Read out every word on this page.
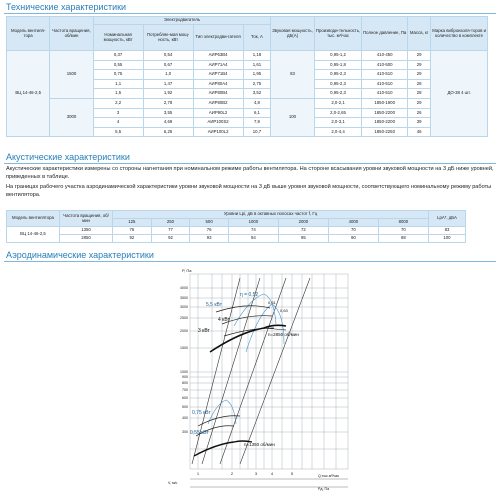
Технические характеристики
Модель вентиля-тора	Частота вращения, об/мин	Электродвигатель				Звуковая мощность, дБ(А)	Производи-тельность, тыс. м³/час	Полное давление, Па	Масса, кг	Марка виброизоля-торов и количество в комплекте
		Номинальная мощность, кВт	Потребляе-мая мощ-ность, кВт	Тип электродви-гателя	Ток, А					
ВЦ 14-46-2,5	1500	0,37	0,54	АИР63В4	1,18	83	0,95-1,2	410-450	29	ДО-38 4 шт.
		0,55	0,67	АИР71А4	1,61		0,95-1,8	410-500	29	
		0,75	1,0	АИР71В4	1,95		0,95-2,3	410-510	29	
		1,1	1,47	АИР80А4	2,75		0,95-2,3	410-510	28	
		1,5	1,92	АИР80В4	3,52		0,95-2,3	410-510	28	
	3000	2,2	2,78	АИР80В2	4,8	100	2,0-2,1	1850-1900	29	
		3	3,55	АИР90L2	6,1		2,0-2,65	1850-2200	26	
		4	4,69	АИР100S2	7,9		2,0-3,1	1850-2200	39	
		5,5	6,25	АИР100L2	10,7		2,0-4,4	1850-2250	46	
Акустические характеристики

Акустические характеристики измерены со стороны нагнетания при номинальном режиме работы вентилятора. На стороне всасывания уровни звуковой мощности на 3 дБ ниже уровней, приведенных в таблице.

На границах рабочего участка аэродинамической характеристики уровни звуковой мощности на 3 дБ выше уровня звуковой мощности, соответствующего номинальному режиму работы вентилятора.

Модель вентилятора	Частота вращения, об/мин	Уровни Lpi, дБ в октавных полосах частот f, Гц							LpA*, дБА
		125	250	500	1000	2000	4000	8000	
ВЦ 14-46-2,5	1350	76	77	76	74	72	70	70	83
	2850	92	92	93	94	95	90	88	100
Аэродинамические характеристики
η = 0,52
5,5 кВт	0,61
0,63
4 кВт
3 кВт
n=2850 об/мин
0,75 кВт
0,55 кВт
n=1350 об/мин
P, Па
Q,тыс.м³/час
V, м/с
Pд, Па
4000
3500
3000
2500
2000
1500
1000
900
800
700
600
500
400
300
1	2	3	4	5
